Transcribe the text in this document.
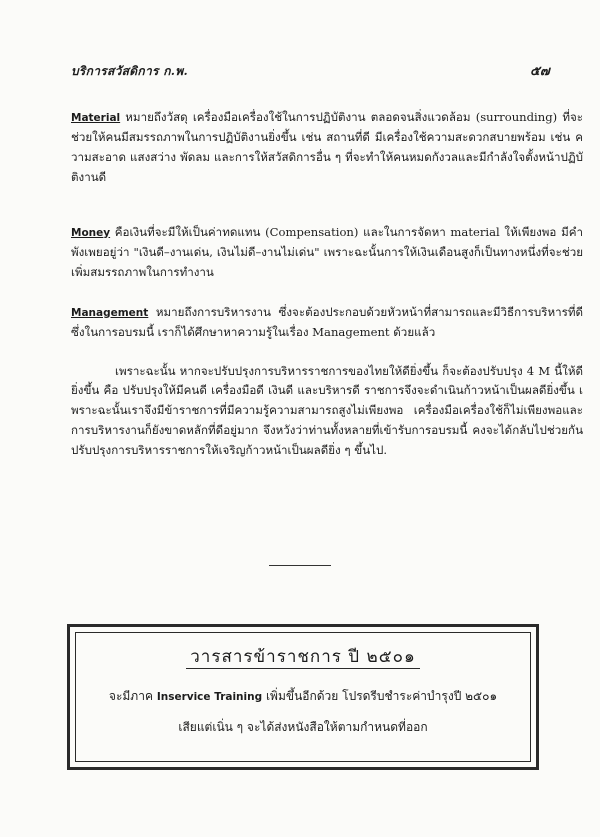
บริการสวัสดิการ ก.พ.	๕๗

Material หมายถึงวัสดุ เครื่องมือเครื่องใช้ในการปฏิบัติงาน ตลอดจนสิ่งแวดล้อม (surrounding) ที่จะช่วยให้คนมีสมรรถภาพในการปฏิบัติงานยิ่งขึ้น เช่น สถานที่ดี มีเครื่องใช้ความสะดวกสบายพร้อม เช่น ความสะอาด แสงสว่าง พัดลม และการให้สวัสดิการอื่น ๆ ที่จะทำให้คนหมดกังวลและมีกำลังใจตั้งหน้าปฏิบัติงานดี

Money คือเงินที่จะมีให้เป็นค่าทดแทน (Compensation) และในการจัดหา material ให้เพียงพอ มีคำพังเพยอยู่ว่า "เงินดี–งานเด่น, เงินไม่ดี–งานไม่เด่น" เพราะฉะนั้นการให้เงินเดือนสูงก็เป็นทางหนึ่งที่จะช่วยเพิ่มสมรรถภาพในการทำงาน

Management หมายถึงการบริหารงาน ซึ่งจะต้องประกอบด้วยหัวหน้าที่สามารถและมีวิธีการบริหารที่ดี ซึ่งในการอบรมนี้ เราก็ได้ศึกษาหาความรู้ในเรื่อง Management ด้วยแล้ว

เพราะฉะนั้น หากจะปรับปรุงการบริหารราชการของไทยให้ดียิ่งขึ้น ก็จะต้องปรับปรุง 4 M นี้ให้ดียิ่งขึ้น คือ ปรับปรุงให้มีคนดี เครื่องมือดี เงินดี และบริหารดี ราชการจึงจะดำเนินก้าวหน้าเป็นผลดียิ่งขึ้น เพราะฉะนั้นเราจึงมีข้าราชการที่มีความรู้ความสามารถสูงไม่เพียงพอ เครื่องมือเครื่องใช้ก็ไม่เพียงพอและการบริหารงานก็ยังขาดหลักที่ดีอยู่มาก จึงหวังว่าท่านทั้งหลายที่เข้ารับการอบรมนี้ คงจะได้กลับไปช่วยกันปรับปรุงการบริหารราชการให้เจริญก้าวหน้าเป็นผลดียิ่ง ๆ ขึ้นไป.

วารสารข้าราชการ ปี ๒๕๐๑
จะมีภาค Inservice Training เพิ่มขึ้นอีกด้วย โปรดรีบชำระค่าบำรุงปี ๒๕๐๑
เสียแต่เนิ่น ๆ จะได้ส่งหนังสือให้ตามกำหนดที่ออก
